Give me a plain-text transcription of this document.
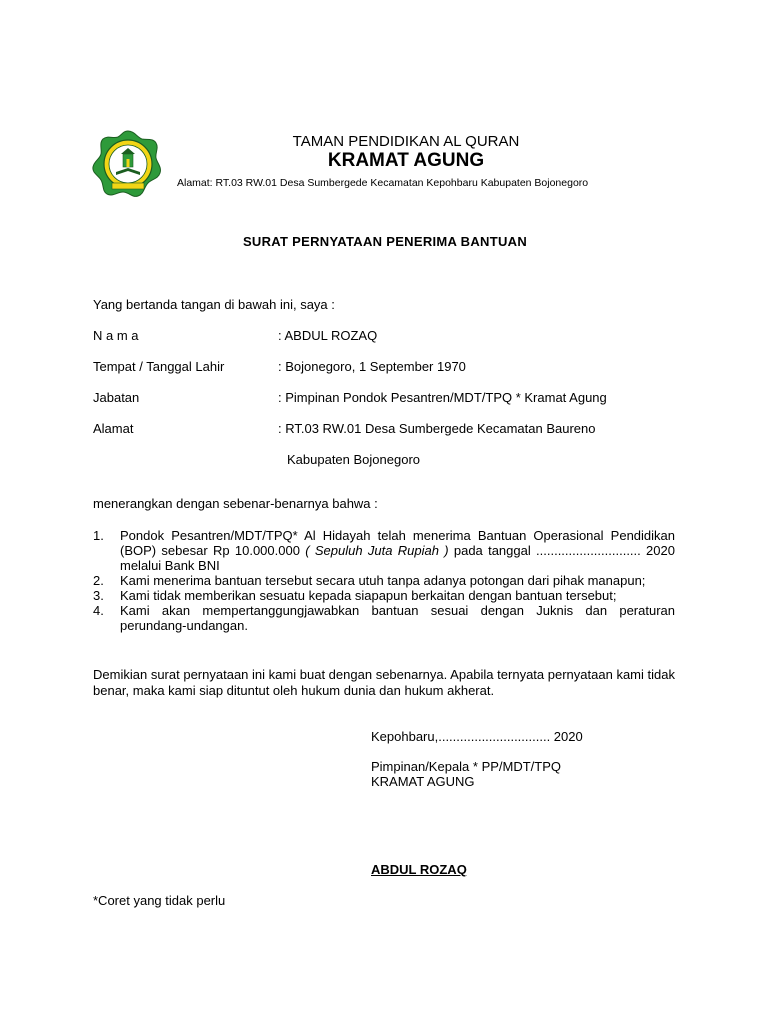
TAMAN PENDIDIKAN AL QURAN
KRAMAT AGUNG
Alamat: RT.03 RW.01 Desa Sumbergede Kecamatan Kepohbaru Kabupaten Bojonegoro
SURAT PERNYATAAN PENERIMA BANTUAN
Yang bertanda tangan di bawah ini, saya :
N a m a	: ABDUL ROZAQ
Tempat / Tanggal Lahir	: Bojonegoro, 1 September 1970
Jabatan	: Pimpinan Pondok Pesantren/MDT/TPQ * Kramat Agung
Alamat	: RT.03 RW.01 Desa Sumbergede Kecamatan Baureno
Kabupaten Bojonegoro
menerangkan dengan sebenar-benarnya bahwa :
1. Pondok Pesantren/MDT/TPQ* Al Hidayah telah menerima Bantuan Operasional Pendidikan (BOP) sebesar Rp 10.000.000 ( Sepuluh Juta Rupiah ) pada tanggal ............................. 2020 melalui Bank BNI
2. Kami menerima bantuan tersebut secara utuh tanpa adanya potongan dari pihak manapun;
3. Kami tidak memberikan sesuatu kepada siapapun berkaitan dengan bantuan tersebut;
4. Kami akan mempertanggungjawabkan bantuan sesuai dengan Juknis dan peraturan perundang-undangan.
Demikian surat pernyataan ini kami buat dengan sebenarnya. Apabila ternyata pernyataan kami tidak benar, maka kami siap dituntut oleh hukum dunia dan hukum akherat.
Kepohbaru,............................... 2020
Pimpinan/Kepala * PP/MDT/TPQ
KRAMAT AGUNG
ABDUL ROZAQ
*Coret yang tidak perlu
